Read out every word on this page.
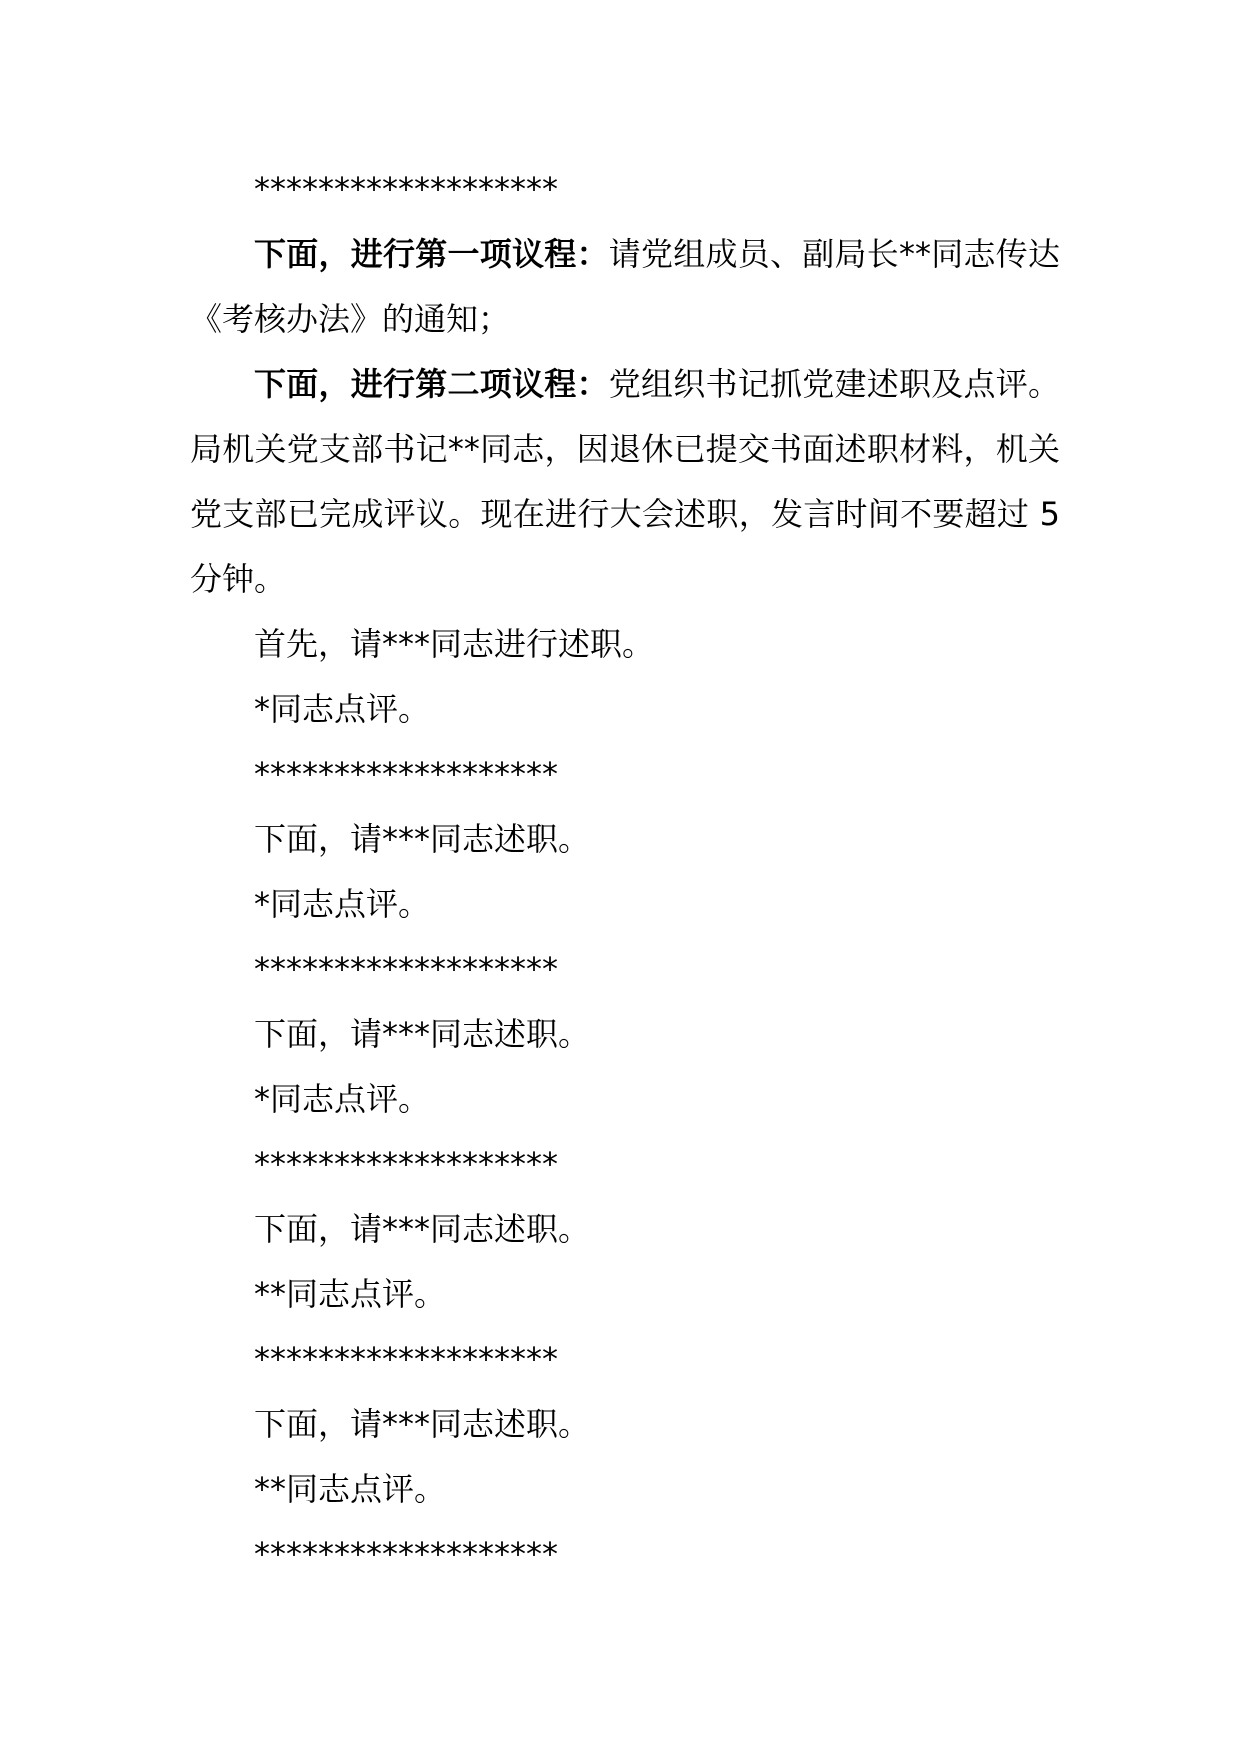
*******************

下面，进行第一项议程：请党组成员、副局长**同志传达《考核办法》的通知；

下面，进行第二项议程：党组织书记抓党建述职及点评。局机关党支部书记**同志，因退休已提交书面述职材料，机关党支部已完成评议。现在进行大会述职，发言时间不要超过 5 分钟。

首先，请***同志进行述职。

*同志点评。

*******************

下面，请***同志述职。

*同志点评。

*******************

下面，请***同志述职。

*同志点评。

*******************

下面，请***同志述职。

**同志点评。

*******************

下面，请***同志述职。

**同志点评。

*******************
